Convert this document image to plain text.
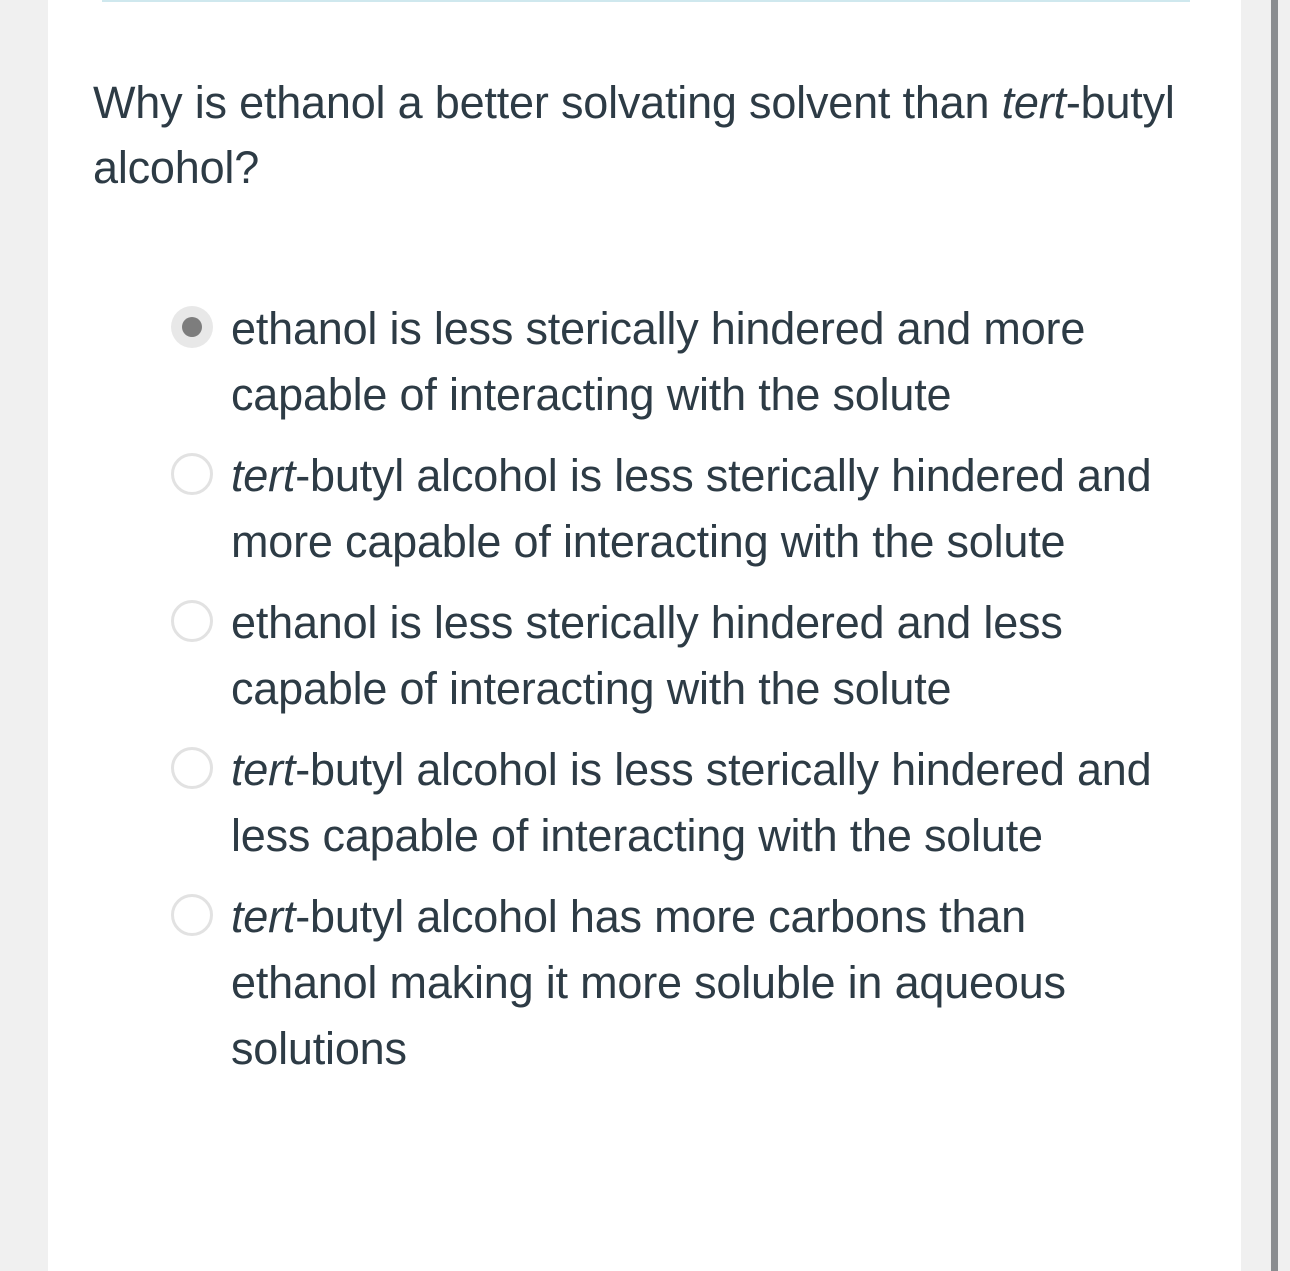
Why is ethanol a better solvating solvent than tert-butyl alcohol?

ethanol is less sterically hindered and more capable of interacting with the solute
tert-butyl alcohol is less sterically hindered and more capable of interacting with the solute
ethanol is less sterically hindered and less capable of interacting with the solute
tert-butyl alcohol is less sterically hindered and less capable of interacting with the solute
tert-butyl alcohol has more carbons than ethanol making it more soluble in aqueous solutions
